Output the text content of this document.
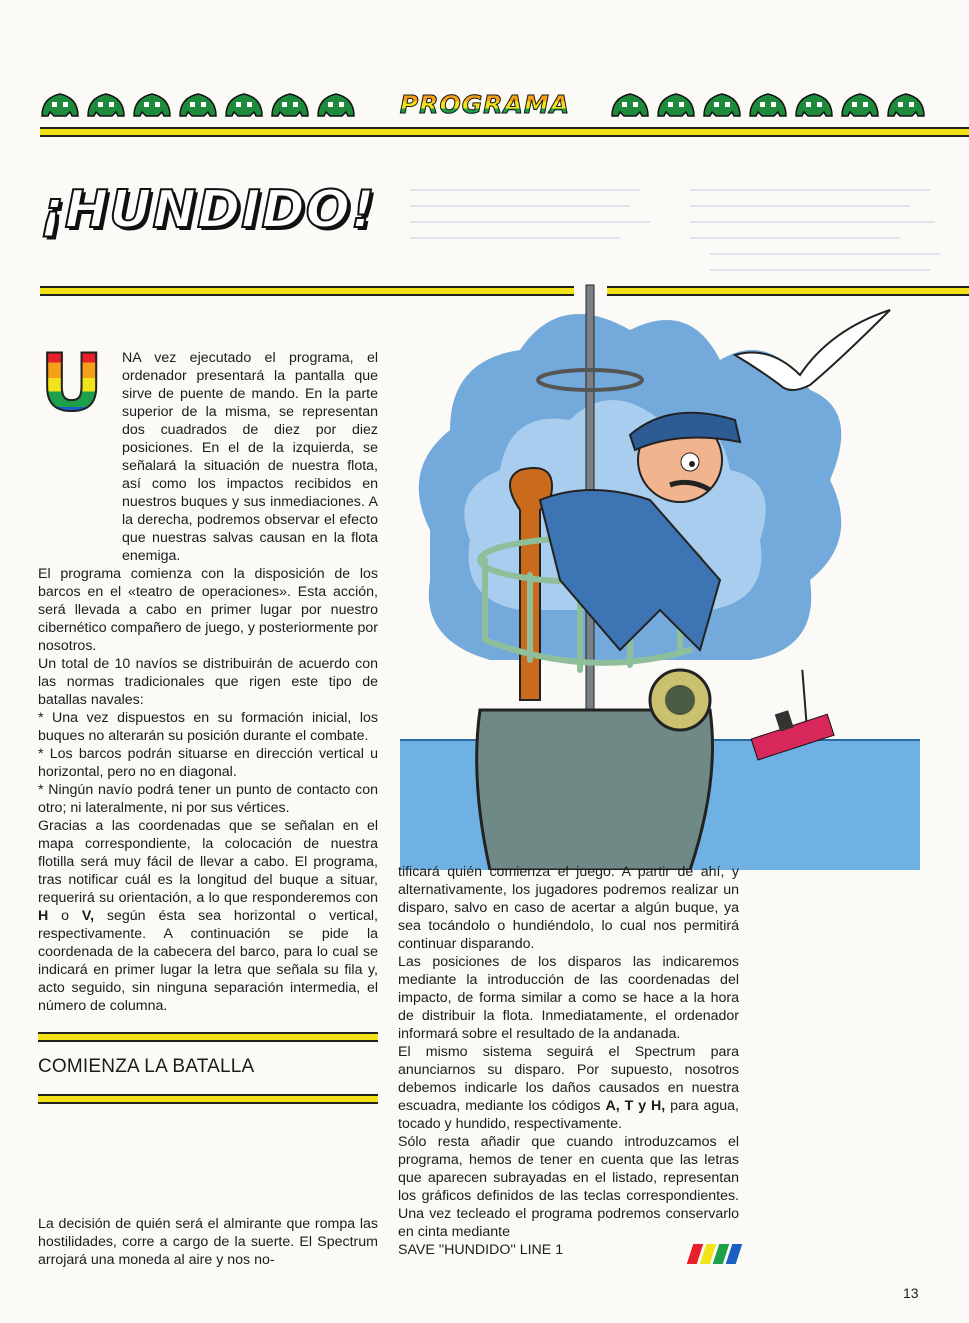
PROGRAMA
¡HUNDIDO!
U	NA vez ejecutado el programa, el ordenador presentará la pantalla que sirve de puente de mando. En la parte superior de la misma, se representan dos cuadrados de diez por diez posiciones. En el de la izquierda, se señalará la situación de nuestra flota, así como los impactos recibidos en nuestros buques y sus inmediaciones. A la derecha, podremos observar el efecto que nuestras salvas causan en la flota enemiga.

El programa comienza con la disposición de los barcos en el «teatro de operaciones». Esta acción, será llevada a cabo en primer lugar por nuestro cibernético compañero de juego, y posteriormente por nosotros.

Un total de 10 navíos se distribuirán de acuerdo con las normas tradicionales que rigen este tipo de batallas navales:

* Una vez dispuestos en su formación inicial, los buques no alterarán su posición durante el combate.

* Los barcos podrán situarse en dirección vertical u horizontal, pero no en diagonal.

* Ningún navío podrá tener un punto de contacto con otro; ni lateralmente, ni por sus vértices.

Gracias a las coordenadas que se señalan en el mapa correspondiente, la colocación de nuestra flotilla será muy fácil de llevar a cabo. El programa, tras notificar cuál es la longitud del buque a situar, requerirá su orientación, a lo que responderemos con H o V, según ésta sea horizontal o vertical, respectivamente. A continuación se pide la coordenada de la cabecera del barco, para lo cual se indicará en primer lugar la letra que señala su fila y, acto seguido, sin ninguna separación intermedia, el número de columna.

COMIENZA LA BATALLA

La decisión de quién será el almirante que rompa las hostilidades, corre a cargo de la suerte. El Spectrum arrojará una moneda al aire y nos no-

tificará quién comienza el juego. A partir de ahí, y alternativamente, los jugadores podremos realizar un disparo, salvo en caso de acertar a algún buque, ya sea tocándolo o hundiéndolo, lo cual nos permitirá continuar disparando.

Las posiciones de los disparos las indicaremos mediante la introducción de las coordenadas del impacto, de forma similar a como se hace a la hora de distribuir la flota. Inmediatamente, el ordenador informará sobre el resultado de la andanada.

El mismo sistema seguirá el Spectrum para anunciarnos su disparo. Por supuesto, nosotros debemos indicarle los daños causados en nuestra escuadra, mediante los códigos A, T y H, para agua, tocado y hundido, respectivamente.

Sólo resta añadir que cuando introduzcamos el programa, hemos de tener en cuenta que las letras que aparecen subrayadas en el listado, representan los gráficos definidos de las teclas correspondientes. Una vez tecleado el programa podremos conservarlo en cinta mediante

SAVE ''HUNDIDO'' LINE 1

13
